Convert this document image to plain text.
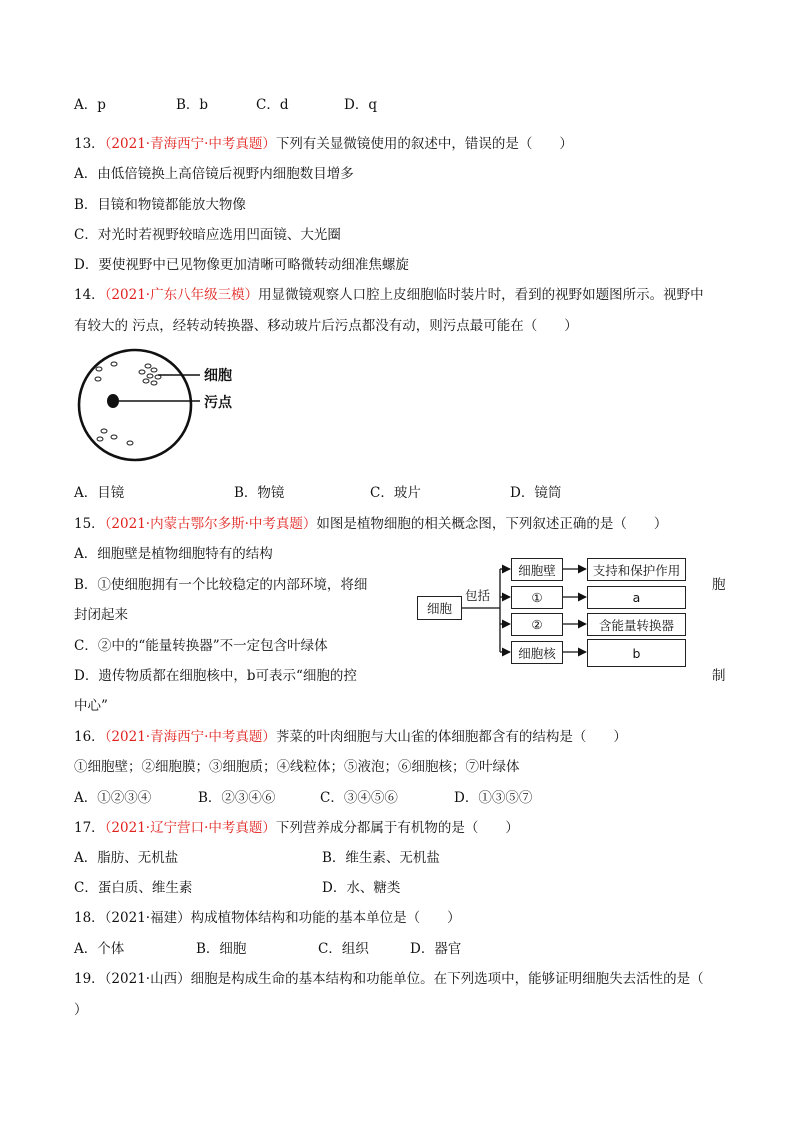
A．p	B．b	C．d	D．q
13．（2021·青海西宁·中考真题）下列有关显微镜使用的叙述中，错误的是（　　）
A．由低倍镜换上高倍镜后视野内细胞数目增多
B．目镜和物镜都能放大物像
C．对光时若视野较暗应选用凹面镜、大光圈
D．要使视野中已见物像更加清晰可略微转动细准焦螺旋
14．（2021·广东八年级三模）用显微镜观察人口腔上皮细胞临时装片时，看到的视野如题图所示。视野中
有较大的 污点，经转动转换器、移动玻片后污点都没有动，则污点最可能在（　　）
细胞
污点
A．目镜	B．物镜	C．玻片	D．镜筒
15．（2021·内蒙古鄂尔多斯·中考真题）如图是植物细胞的相关概念图，下列叙述正确的是（　　）
A．细胞壁是植物细胞特有的结构
B．①使细胞拥有一个比较稳定的内部环境，将细	胞
封闭起来
C．②中的“能量转换器”不一定包含叶绿体
D．遗传物质都在细胞核中，b可表示“细胞的控	制
中心”
细胞
包括
细胞壁
①
②
细胞核
支持和保护作用
a
含能量转换器
b
16．（2021·青海西宁·中考真题）荠菜的叶肉细胞与大山雀的体细胞都含有的结构是（　　）
①细胞壁；②细胞膜；③细胞质；④线粒体；⑤液泡；⑥细胞核；⑦叶绿体
A．①②③④	B．②③④⑥	C．③④⑤⑥	D．①③⑤⑦
17．（2021·辽宁营口·中考真题）下列营养成分都属于有机物的是（　　）
A．脂肪、无机盐	B．维生素、无机盐
C．蛋白质、维生素	D．水、糖类
18．（2021·福建）构成植物体结构和功能的基本单位是（　　）
A．个体	B．细胞	C．组织	D．器官
19．（2021·山西）细胞是构成生命的基本结构和功能单位。在下列选项中，能够证明细胞失去活性的是（
）
